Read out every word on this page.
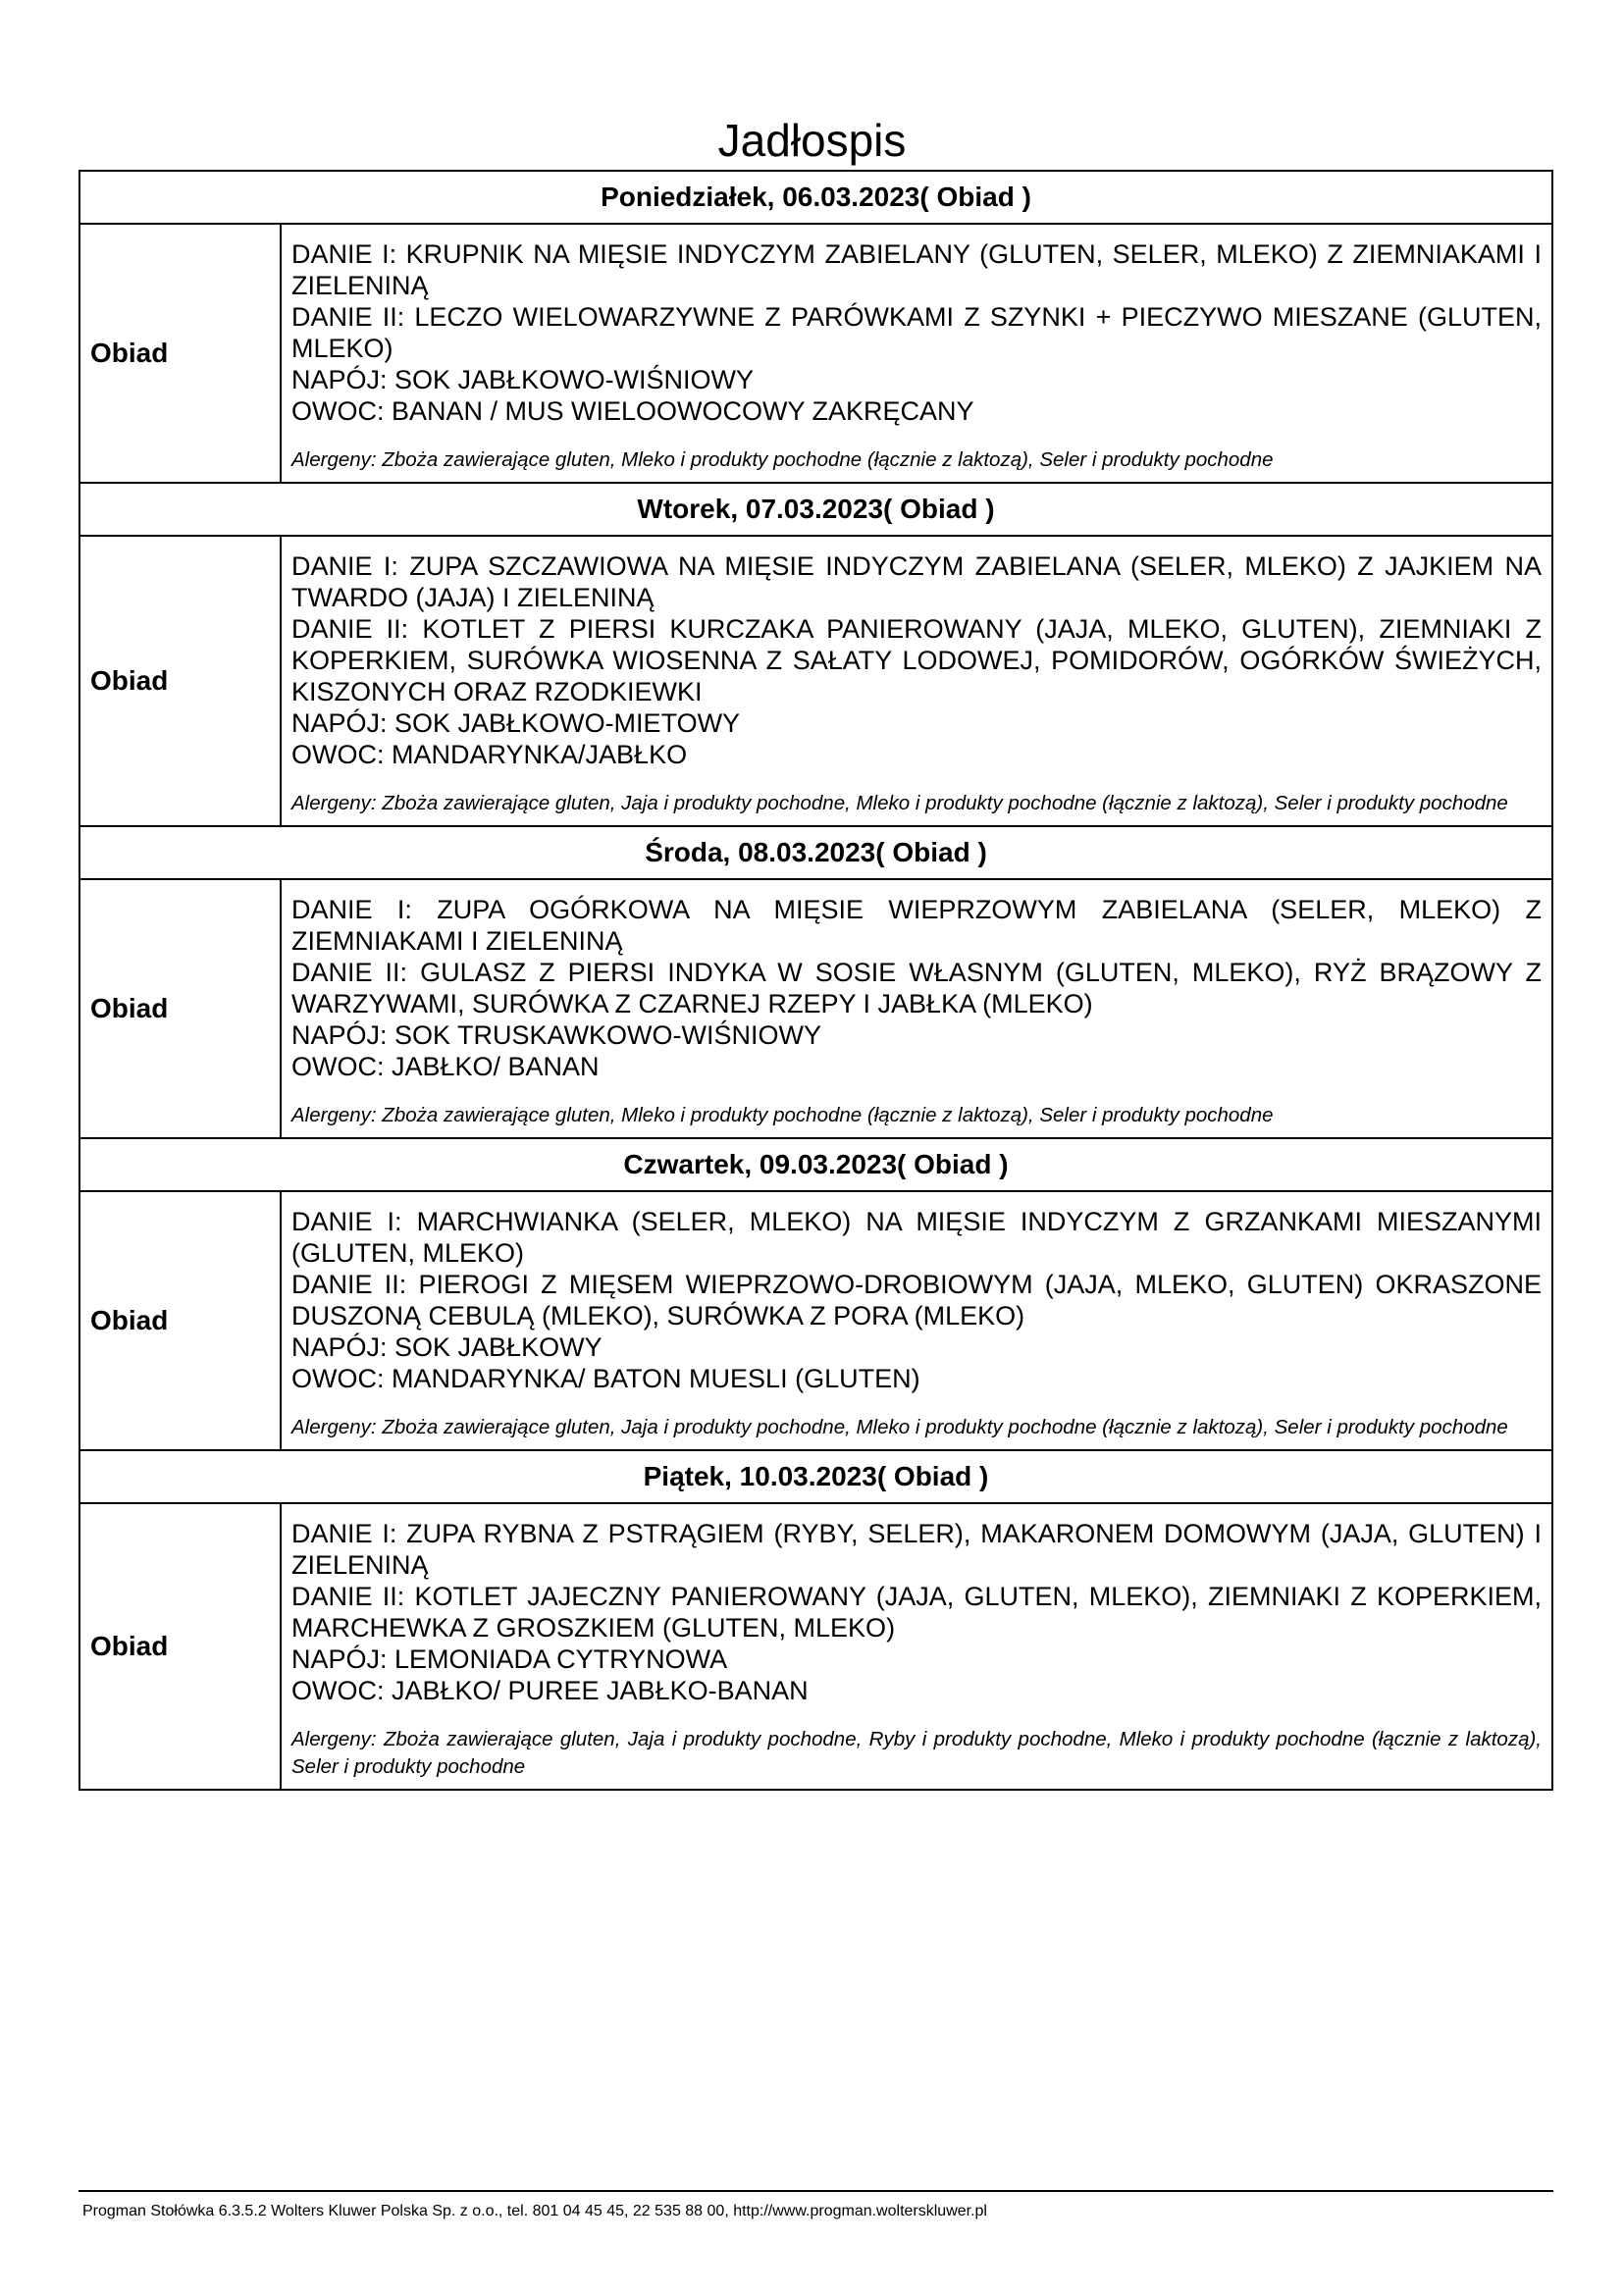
Jadłospis
Poniedziałek, 06.03.2023( Obiad )	
Obiad	DANIE I: KRUPNIK NA MIĘSIE INDYCZYM ZABIELANY (GLUTEN, SELER, MLEKO) Z ZIEMNIAKAMI I ZIELENINĄ
DANIE II: LECZO WIELOWARZYWNE Z PARÓWKAMI Z SZYNKI + PIECZYWO MIESZANE (GLUTEN, MLEKO)
NAPÓJ: SOK JABŁKOWO-WIŚNIOWY
OWOC: BANAN / MUS WIELOOWOCOWY ZAKRĘCANY
Alergeny: Zboża zawierające gluten, Mleko i produkty pochodne (łącznie z laktozą), Seler i produkty pochodne

Wtorek, 07.03.2023( Obiad )	
Obiad	DANIE I: ZUPA SZCZAWIOWA NA MIĘSIE INDYCZYM ZABIELANA (SELER, MLEKO) Z JAJKIEM NA TWARDO (JAJA) I ZIELENINĄ
DANIE II: KOTLET Z PIERSI KURCZAKA PANIEROWANY (JAJA, MLEKO, GLUTEN), ZIEMNIAKI Z KOPERKIEM, SURÓWKA WIOSENNA Z SAŁATY LODOWEJ, POMIDORÓW, OGÓRKÓW ŚWIEŻYCH, KISZONYCH ORAZ RZODKIEWKI
NAPÓJ: SOK JABŁKOWO-MIETOWY
OWOC: MANDARYNKA/JABŁKO
Alergeny: Zboża zawierające gluten, Jaja i produkty pochodne, Mleko i produkty pochodne (łącznie z laktozą), Seler i produkty pochodne

Środa, 08.03.2023( Obiad )	
Obiad	DANIE I: ZUPA OGÓRKOWA NA MIĘSIE WIEPRZOWYM ZABIELANA (SELER, MLEKO) Z ZIEMNIAKAMI I ZIELENINĄ
DANIE II: GULASZ Z PIERSI INDYKA W SOSIE WŁASNYM (GLUTEN, MLEKO), RYŻ BRĄZOWY Z WARZYWAMI, SURÓWKA Z CZARNEJ RZEPY I JABŁKA (MLEKO)
NAPÓJ: SOK TRUSKAWKOWO-WIŚNIOWY
OWOC: JABŁKO/ BANAN
Alergeny: Zboża zawierające gluten, Mleko i produkty pochodne (łącznie z laktozą), Seler i produkty pochodne

Czwartek, 09.03.2023( Obiad )	
Obiad	DANIE I: MARCHWIANKA (SELER, MLEKO) NA MIĘSIE INDYCZYM Z GRZANKAMI MIESZANYMI (GLUTEN, MLEKO)
DANIE II: PIEROGI Z MIĘSEM WIEPRZOWO-DROBIOWYM (JAJA, MLEKO, GLUTEN) OKRASZONE DUSZONĄ CEBULĄ (MLEKO), SURÓWKA Z PORA (MLEKO)
NAPÓJ: SOK JABŁKOWY
OWOC: MANDARYNKA/ BATON MUESLI (GLUTEN)
Alergeny: Zboża zawierające gluten, Jaja i produkty pochodne, Mleko i produkty pochodne (łącznie z laktozą), Seler i produkty pochodne

Piątek, 10.03.2023( Obiad )	
Obiad	DANIE I: ZUPA RYBNA Z PSTRĄGIEM (RYBY, SELER), MAKARONEM DOMOWYM (JAJA, GLUTEN) I ZIELENINĄ
DANIE II: KOTLET JAJECZNY PANIEROWANY (JAJA, GLUTEN, MLEKO), ZIEMNIAKI Z KOPERKIEM, MARCHEWKA Z GROSZKIEM (GLUTEN, MLEKO)
NAPÓJ: LEMONIADA CYTRYNOWA
OWOC: JABŁKO/ PUREE JABŁKO-BANAN
Alergeny: Zboża zawierające gluten, Jaja i produkty pochodne, Ryby i produkty pochodne, Mleko i produkty pochodne (łącznie z laktozą), Seler i produkty pochodne
Progman Stołówka 6.3.5.2 Wolters Kluwer Polska Sp. z o.o., tel. 801 04 45 45, 22 535 88 00, http://www.progman.wolterskluwer.pl
